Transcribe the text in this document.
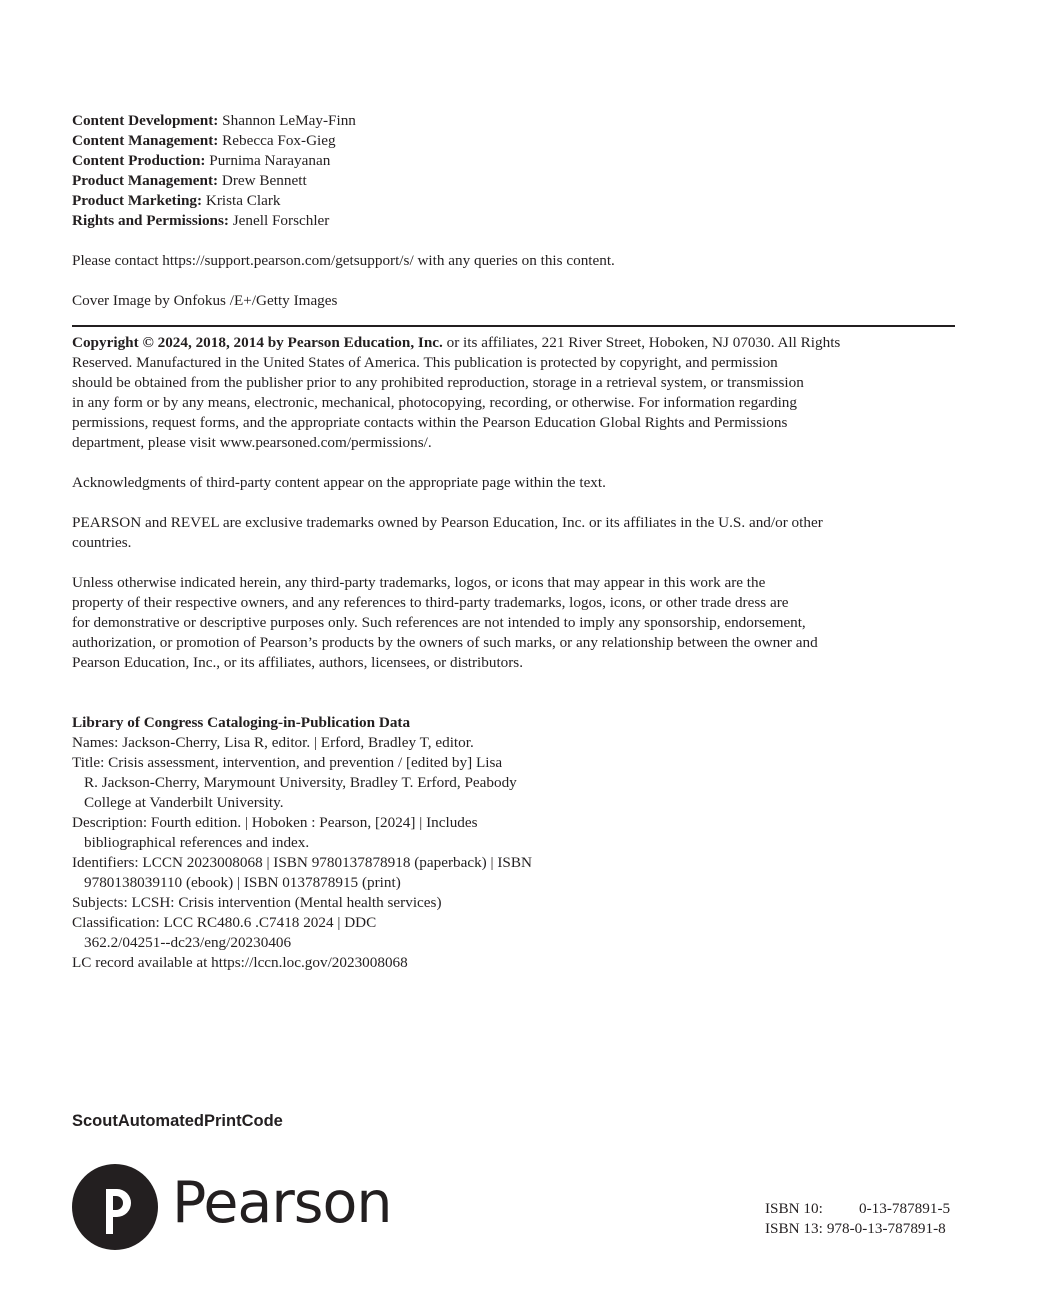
Content Development: Shannon LeMay-Finn
Content Management: Rebecca Fox-Gieg
Content Production: Purnima Narayanan
Product Management: Drew Bennett
Product Marketing: Krista Clark
Rights and Permissions: Jenell Forschler

Please contact https://support.pearson.com/getsupport/s/ with any queries on this content.

Cover Image by Onfokus /E+/Getty Images

Copyright © 2024, 2018, 2014 by Pearson Education, Inc. or its affiliates, 221 River Street, Hoboken, NJ 07030. All Rights
Reserved. Manufactured in the United States of America. This publication is protected by copyright, and permission
should be obtained from the publisher prior to any prohibited reproduction, storage in a retrieval system, or transmission
in any form or by any means, electronic, mechanical, photocopying, recording, or otherwise. For information regarding
permissions, request forms, and the appropriate contacts within the Pearson Education Global Rights and Permissions
department, please visit www.pearsoned.com/permissions/.

Acknowledgments of third-party content appear on the appropriate page within the text.

PEARSON and REVEL are exclusive trademarks owned by Pearson Education, Inc. or its affiliates in the U.S. and/or other
countries.
Unless otherwise indicated herein, any third-party trademarks, logos, or icons that may appear in this work are the
property of their respective owners, and any references to third-party trademarks, logos, icons, or other trade dress are
for demonstrative or descriptive purposes only. Such references are not intended to imply any sponsorship, endorsement,
authorization, or promotion of Pearson’s products by the owners of such marks, or any relationship between the owner and
Pearson Education, Inc., or its affiliates, authors, licensees, or distributors.
Library of Congress Cataloging-in-Publication Data
Names: Jackson-Cherry, Lisa R, editor. | Erford, Bradley T, editor.
Title: Crisis assessment, intervention, and prevention / [edited by] Lisa
R. Jackson-Cherry, Marymount University, Bradley T. Erford, Peabody
College at Vanderbilt University.
Description: Fourth edition. | Hoboken : Pearson, [2024] | Includes
bibliographical references and index.
Identifiers: LCCN 2023008068 | ISBN 9780137878918 (paperback) | ISBN
9780138039110 (ebook) | ISBN 0137878915 (print)
Subjects: LCSH: Crisis intervention (Mental health services)
Classification: LCC RC480.6 .C7418 2024 | DDC
362.2/04251--dc23/eng/20230406
LC record available at https://lccn.loc.gov/2023008068
ScoutAutomatedPrintCode
Pearson	ISBN 10:	0-13-787891-5
ISBN 13: 978-0-13-787891-8
